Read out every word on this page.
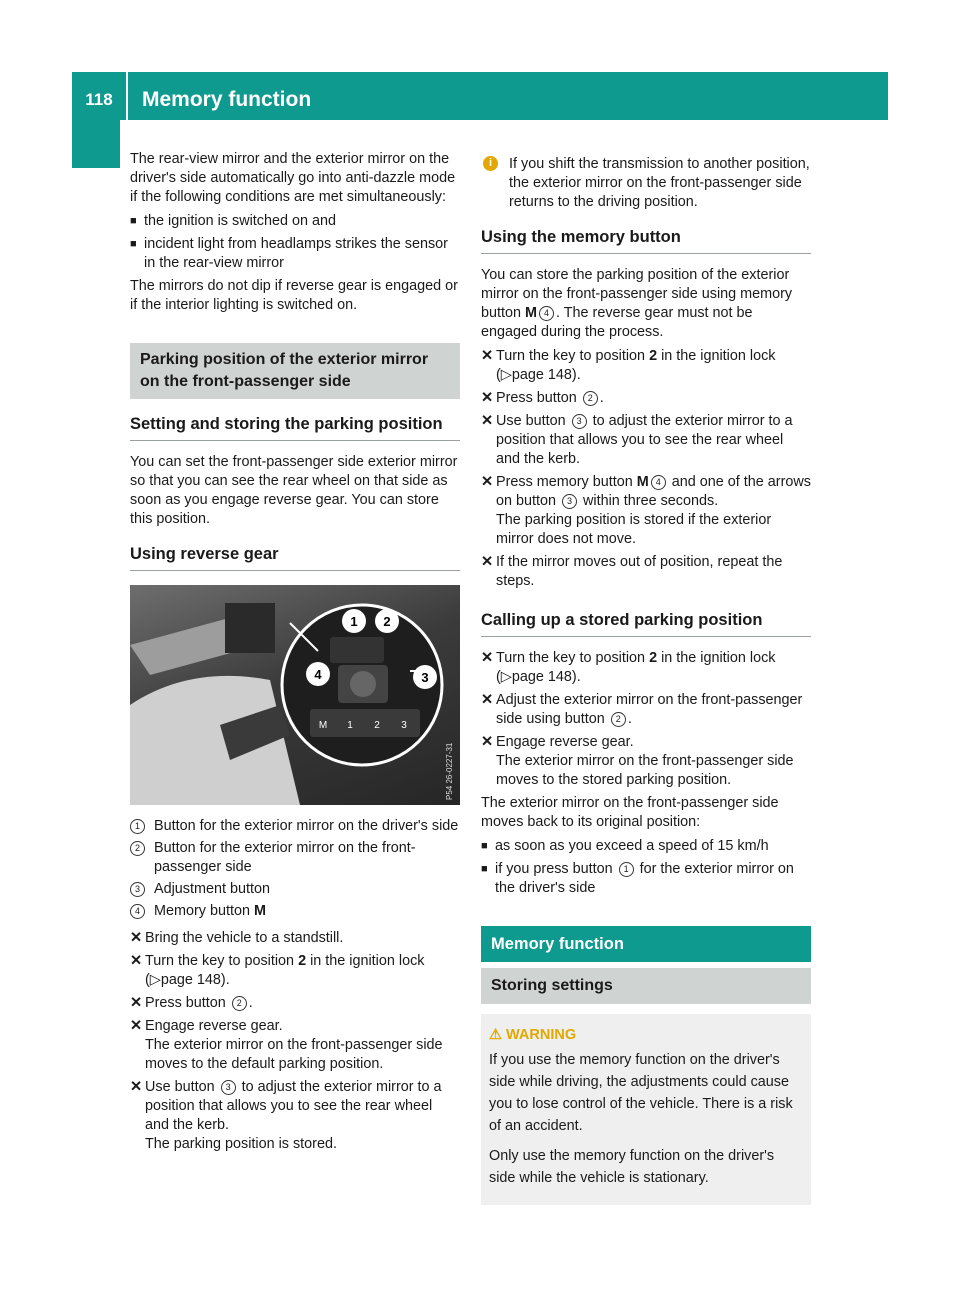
118	Memory function
Seats, steering wheel and mirrors

The rear-view mirror and the exterior mirror on the driver's side automatically go into anti-dazzle mode if the following conditions are met simultaneously:

■ the ignition is switched on and
■ incident light from headlamps strikes the sensor in the rear-view mirror

The mirrors do not dip if reverse gear is engaged or if the interior lighting is switched on.

Parking position of the exterior mirror on the front-passenger side
Setting and storing the parking position

You can set the front-passenger side exterior mirror so that you can see the rear wheel on that side as soon as you engage reverse gear. You can store this position.

Using reverse gear
1 2
3
4
M 1 2 3
P54 26-0227-31
1 Button for the exterior mirror on the driver's side
2 Button for the exterior mirror on the front-passenger side
3 Adjustment button
4 Memory button M
✕ Bring the vehicle to a standstill.
✕ Turn the key to position 2 in the ignition lock (▷page 148).
✕ Press button 2 .
✕ Engage reverse gear.
The exterior mirror on the front-passenger side moves to the default parking position.
✕ Use button 3 to adjust the exterior mirror to a position that allows you to see the rear wheel and the kerb.
The parking position is stored.
i	If you shift the transmission to another position, the exterior mirror on the front-passenger side returns to the driving position.
Using the memory button

You can store the parking position of the exterior mirror on the front-passenger side using memory button M 4 . The reverse gear must not be engaged during the process.

✕ Turn the key to position 2 in the ignition lock (▷page 148).
✕ Press button 2 .
✕ Use button 3 to adjust the exterior mirror to a position that allows you to see the rear wheel and the kerb.
✕ Press memory button M 4 and one of the arrows on button 3 within three seconds.
The parking position is stored if the exterior mirror does not move.
✕ If the mirror moves out of position, repeat the steps.
Calling up a stored parking position
✕ Turn the key to position 2 in the ignition lock (▷page 148).
✕ Adjust the exterior mirror on the front-passenger side using button 2 .
✕ Engage reverse gear.
The exterior mirror on the front-passenger side moves to the stored parking position.

The exterior mirror on the front-passenger side moves back to its original position:

■ as soon as you exceed a speed of 15 km/h
■ if you press button 1 for the exterior mirror on the driver's side
Memory function
Storing settings
⚠ WARNING

If you use the memory function on the driver's side while driving, the adjustments could cause you to lose control of the vehicle. There is a risk of an accident.

Only use the memory function on the driver's side while the vehicle is stationary.
